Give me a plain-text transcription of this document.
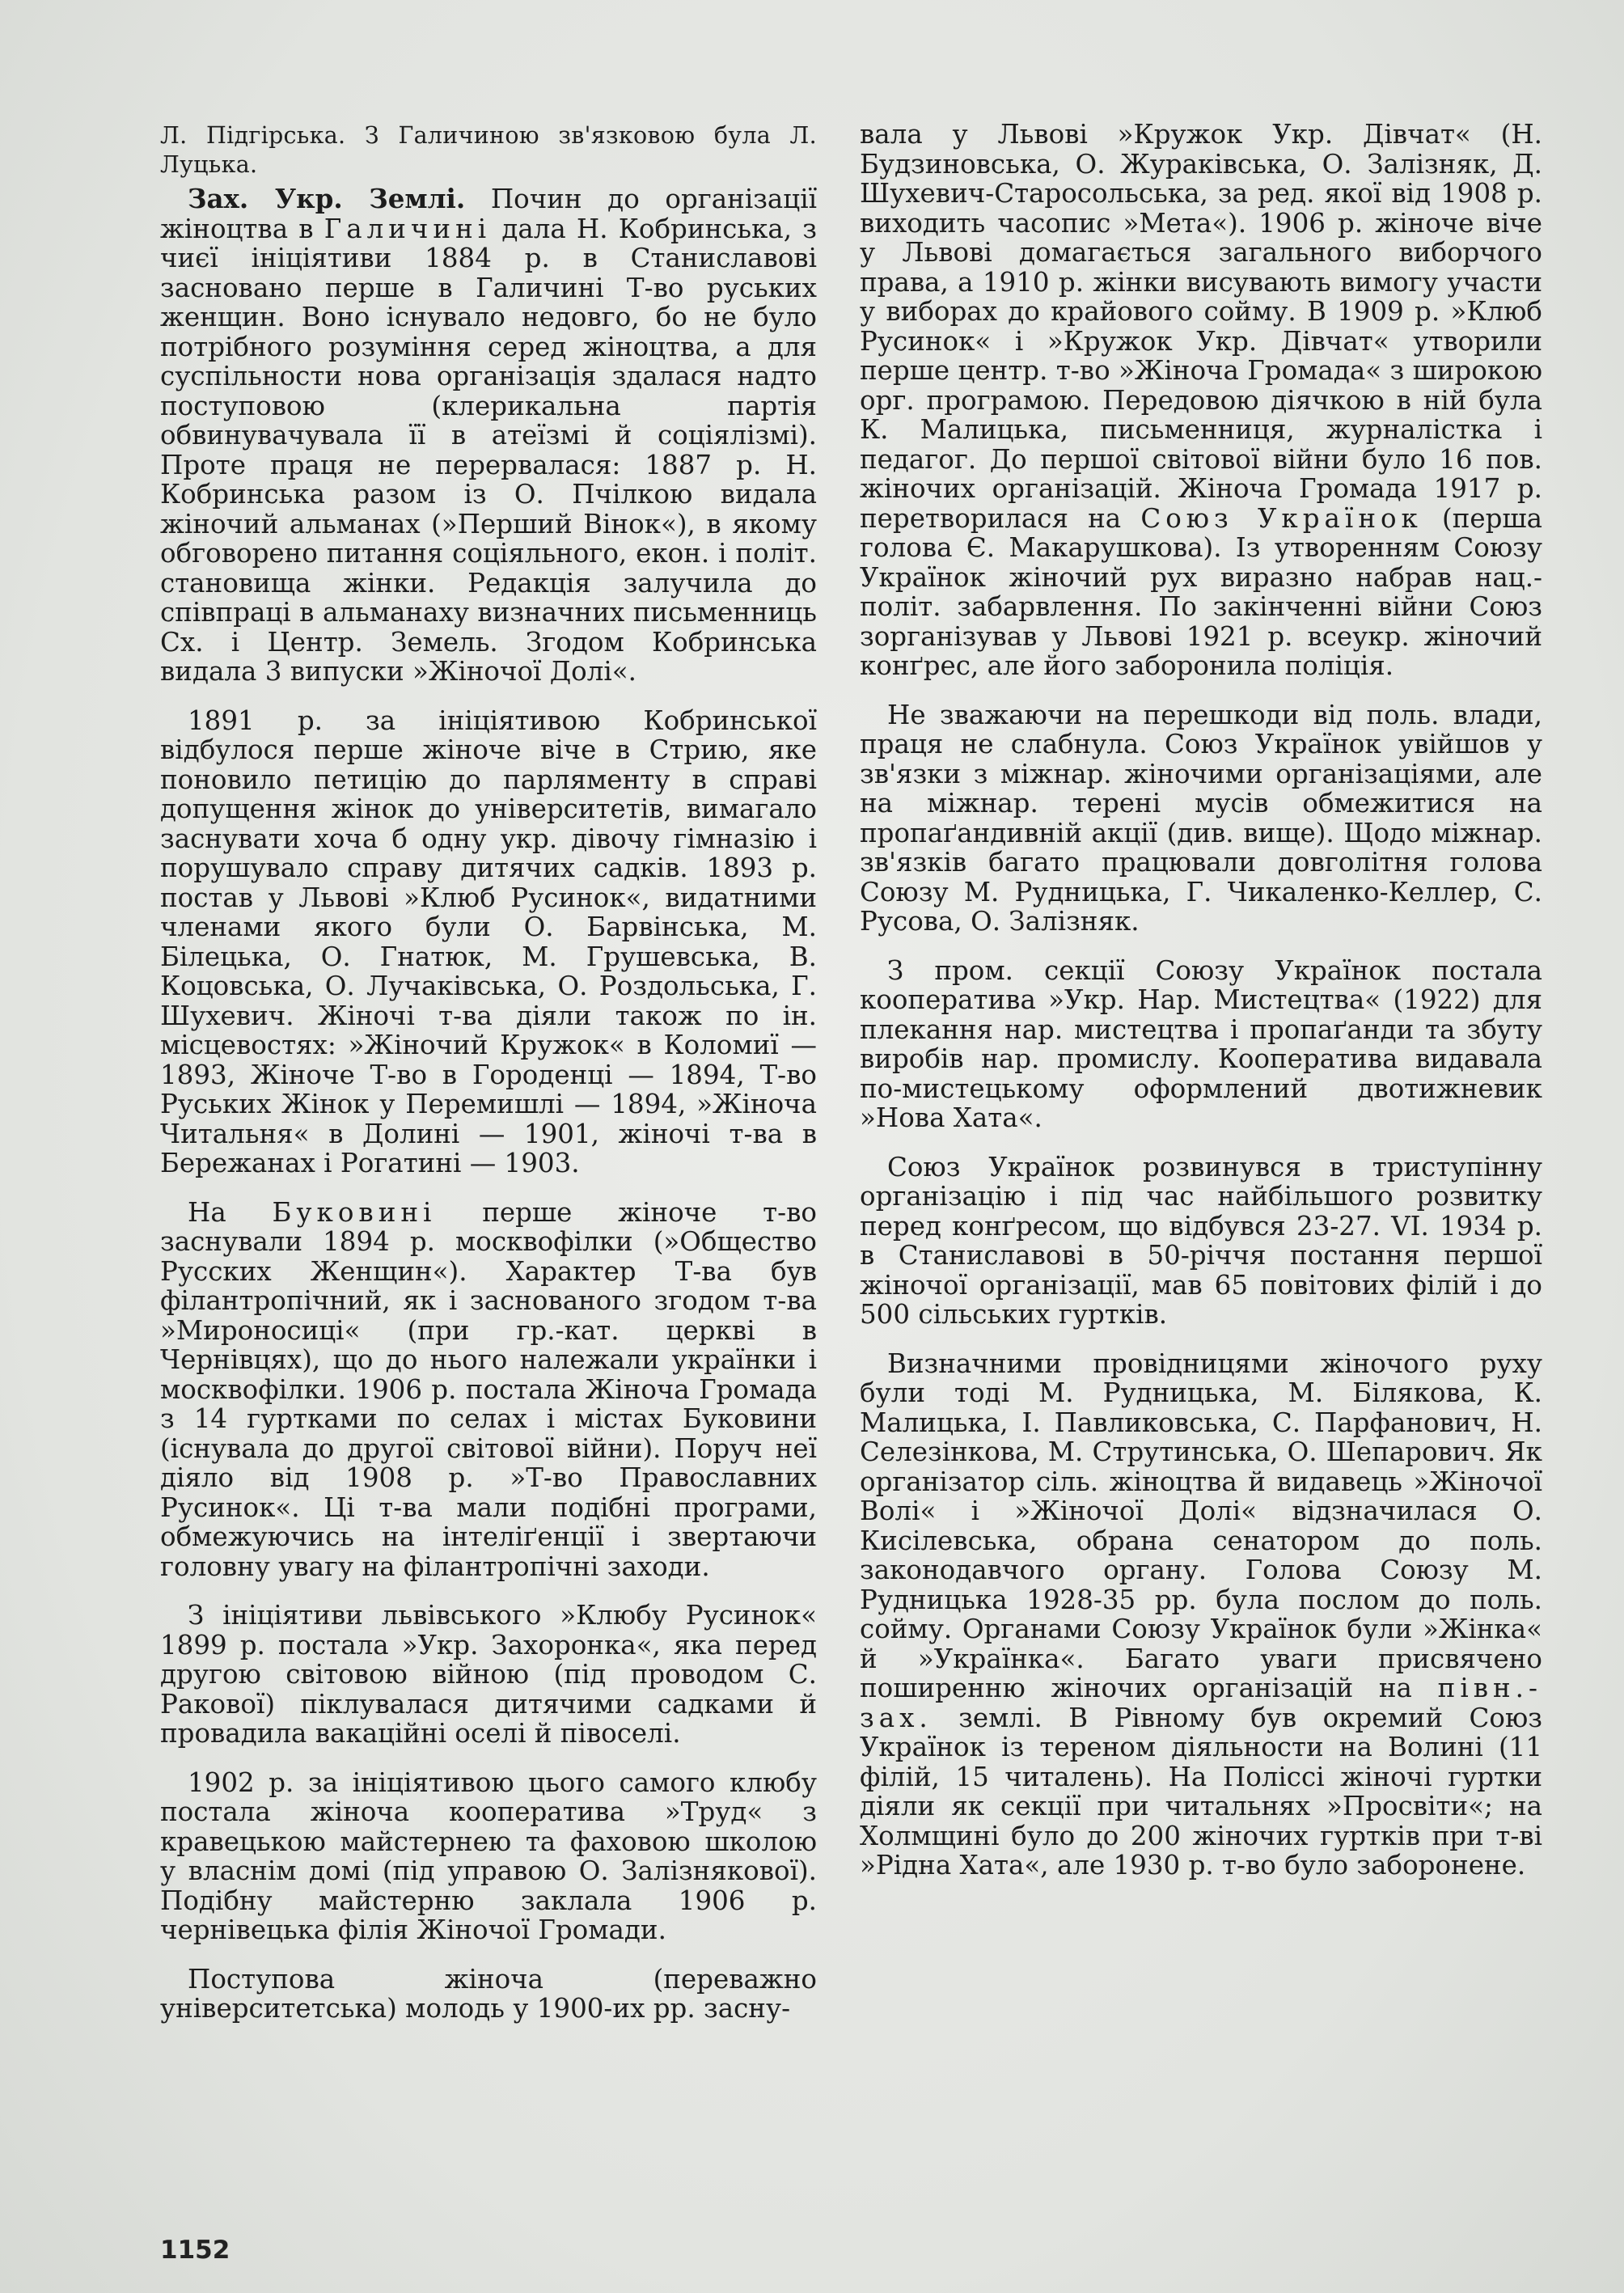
Л. Підгірська. З Галичиною зв'язковою була Л. Луцька.

Зах. Укр. Землі. Почин до організації жіноцтва в Галичині дала Н. Кобринська, з чиєї ініціятиви 1884 р. в Станиславові засновано перше в Галичині Т-во руських женщин. Воно існувало недовго, бо не було потрібного розуміння серед жіноцтва, а для суспільности нова організація здалася надто поступовою (клерикальна партія обвинувачувала її в атеїзмі й соціялізмі). Проте праця не перервалася: 1887 р. Н. Кобринська разом із О. Пчілкою видала жіночий альманах (»Перший Вінок«), в якому обговорено питання соціяльного, екон. і політ. становища жінки. Редакція залучила до співпраці в альманаху визначних письменниць Сх. і Центр. Земель. Згодом Кобринська видала 3 випуски »Жіночої Долі«.

1891 р. за ініціятивою Кобринської відбулося перше жіноче віче в Стрию, яке поновило петицію до парляменту в справі допущення жінок до університетів, вимагало заснувати хоча б одну укр. дівочу гімназію і порушувало справу дитячих садків. 1893 р. постав у Львові »Клюб Русинок«, видатними членами якого були О. Барвінська, М. Білецька, О. Гнатюк, М. Грушевська, В. Коцовська, О. Лучаківська, О. Роздольська, Г. Шухевич. Жіночі т-ва діяли також по ін. місцевостях: »Жіночий Кружок« в Коломиї — 1893, Жіноче Т-во в Городенці — 1894, Т-во Руських Жінок у Перемишлі — 1894, »Жіноча Читальня« в Долині — 1901, жіночі т-ва в Бережанах і Рогатині — 1903.

На Буковині перше жіноче т-во заснували 1894 р. москвофілки (»Общество Русских Женщин«). Характер Т-ва був філантропічний, як і заснованого згодом т-ва »Мироносиці« (при гр.-кат. церкві в Чернівцях), що до нього належали українки і москвофілки. 1906 р. постала Жіноча Громада з 14 гуртками по селах і містах Буковини (існувала до другої світової війни). Поруч неї діяло від 1908 р. »Т-во Православних Русинок«. Ці т-ва мали подібні програми, обмежуючись на інтеліґенції і звертаючи головну увагу на філантропічні заходи.

З ініціятиви львівського »Клюбу Русинок« 1899 р. постала »Укр. Захоронка«, яка перед другою світовою війною (під проводом С. Ракової) піклувалася дитячими садками й провадила вакаційні оселі й півоселі.

1902 р. за ініціятивою цього самого клюбу постала жіноча кооператива »Труд« з кравецькою майстернею та фаховою школою у власнім домі (під управою О. Залізнякової). Подібну майстерню заклала 1906 р. чернівецька філія Жіночої Громади.

Поступова жіноча (переважно університетська) молодь у 1900-их рр. засну-

вала у Львові »Кружок Укр. Дівчат« (Н. Будзиновська, О. Жураківська, О. Залізняк, Д. Шухевич-Старосольська, за ред. якої від 1908 р. виходить часопис »Мета«). 1906 р. жіноче віче у Львові домагається загального виборчого права, а 1910 р. жінки висувають вимогу участи у виборах до крайового сойму. В 1909 р. »Клюб Русинок« і »Кружок Укр. Дівчат« утворили перше центр. т-во »Жіноча Громада« з широкою орг. програмою. Передовою діячкою в ній була К. Малицька, письменниця, журналістка і педагог. До першої світової війни було 16 пов. жіночих організацій. Жіноча Громада 1917 р. перетворилася на Союз Українок (перша голова Є. Макарушкова). Із утворенням Союзу Українок жіночий рух виразно набрав нац.-політ. забарвлення. По закінченні війни Союз зорганізував у Львові 1921 р. всеукр. жіночий конґрес, але його заборонила поліція.

Не зважаючи на перешкоди від поль. влади, праця не слабнула. Союз Українок увійшов у зв'язки з міжнар. жіночими організаціями, але на міжнар. терені мусів обмежитися на пропаґандивній акції (див. вище). Щодо міжнар. зв'язків багато працювали довголітня голова Союзу М. Рудницька, Г. Чикаленко-Келлер, С. Русова, О. Залізняк.

З пром. секції Союзу Українок постала кооператива »Укр. Нар. Мистецтва« (1922) для плекання нар. мистецтва і пропаґанди та збуту виробів нар. промислу. Кооператива видавала по-мистецькому оформлений двотижневик »Нова Хата«.

Союз Українок розвинувся в триступінну організацію і під час найбільшого розвитку перед конґресом, що відбувся 23-27. VI. 1934 р. в Станиславові в 50-річчя постання першої жіночої організації, мав 65 повітових філій і до 500 сільських гуртків.

Визначними провідницями жіночого руху були тоді М. Рудницька, М. Білякова, К. Малицька, І. Павликовська, С. Парфанович, Н. Селезінкова, М. Струтинська, О. Шепарович. Як організатор сіль. жіноцтва й видавець »Жіночої Волі« і »Жіночої Долі« відзначилася О. Кисілевська, обрана сенатором до поль. законодавчого органу. Голова Союзу М. Рудницька 1928-35 рр. була послом до поль. сойму. Органами Союзу Українок були »Жінка« й »Українка«. Багато уваги присвячено поширенню жіночих організацій на півн.-зах. землі. В Рівному був окремий Союз Українок із тереном діяльности на Волині (11 філій, 15 читалень). На Поліссі жіночі гуртки діяли як секції при читальнях »Просвіти«; на Холмщині було до 200 жіночих гуртків при т-ві »Рідна Хата«, але 1930 р. т-во було заборонене.

1152
